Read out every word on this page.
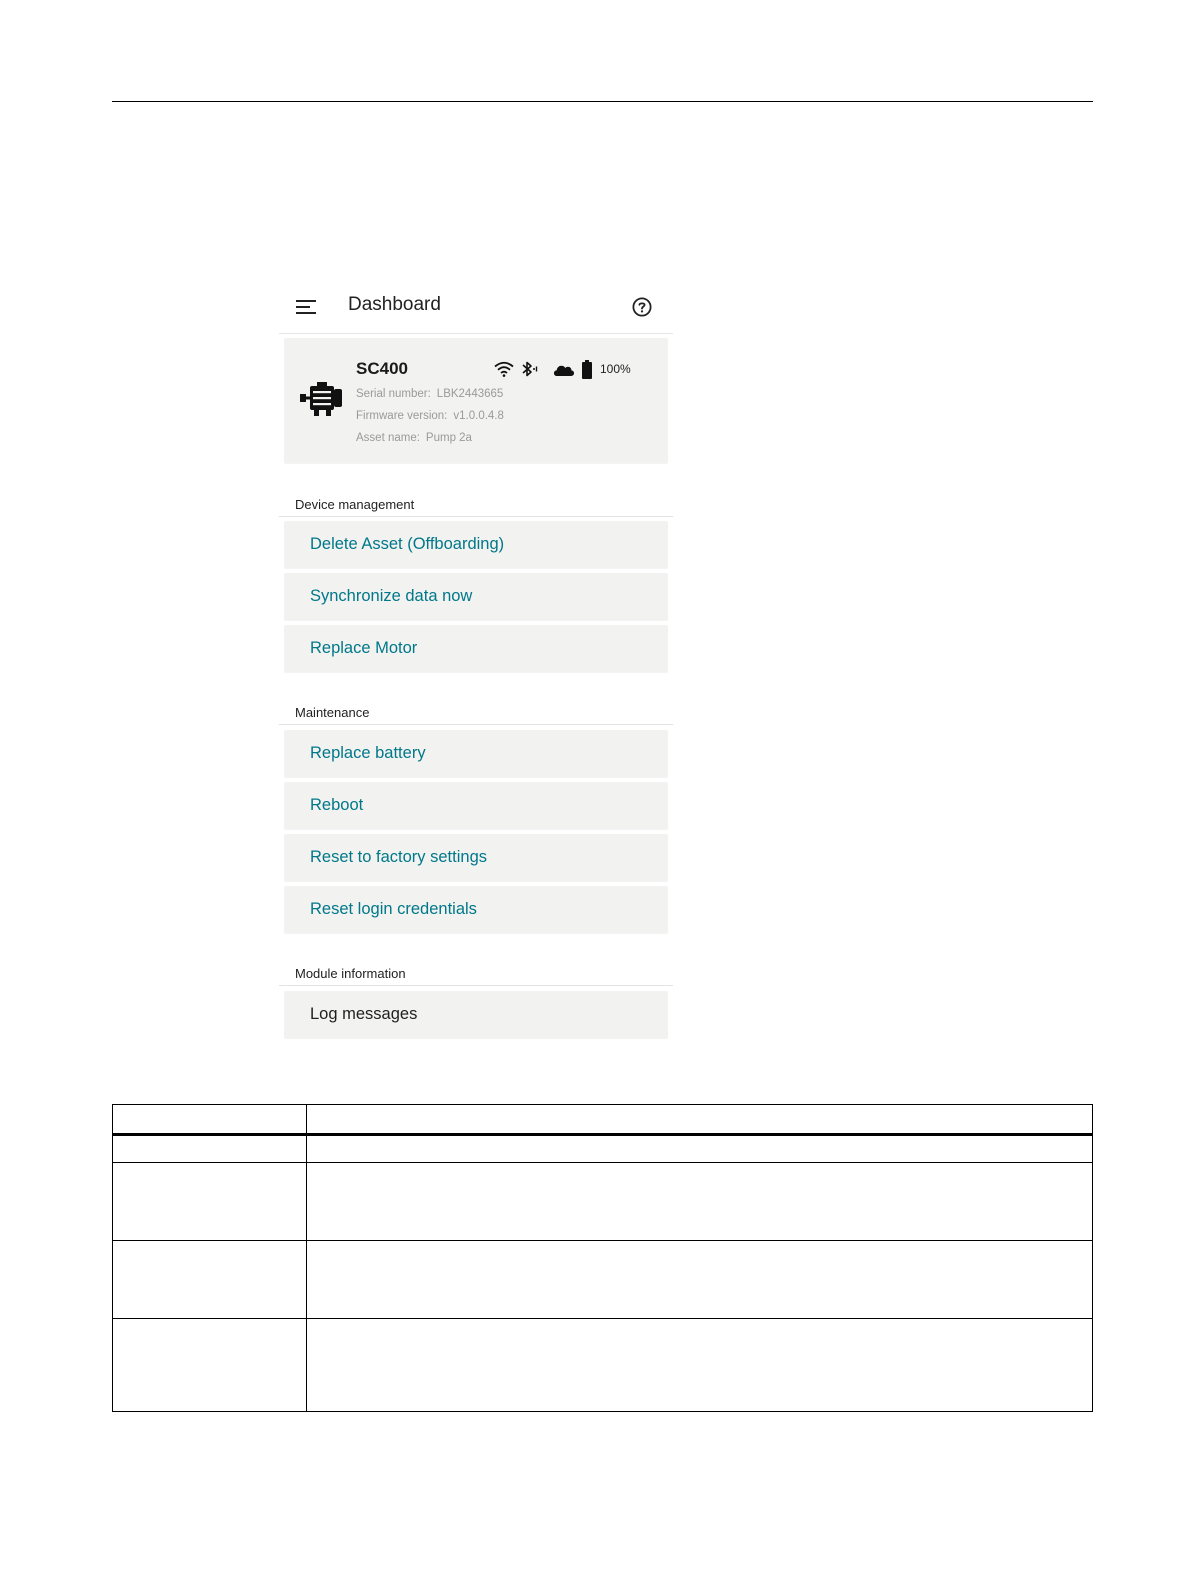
Dashboard
SC400	100%
Serial number: LBK2443665
Firmware version: v1.0.0.4.8
Asset name: Pump 2a
Device management
Delete Asset (Offboarding)
Synchronize data now
Replace Motor
Maintenance
Replace battery
Reboot
Reset to factory settings
Reset login credentials
Module information
Log messages
